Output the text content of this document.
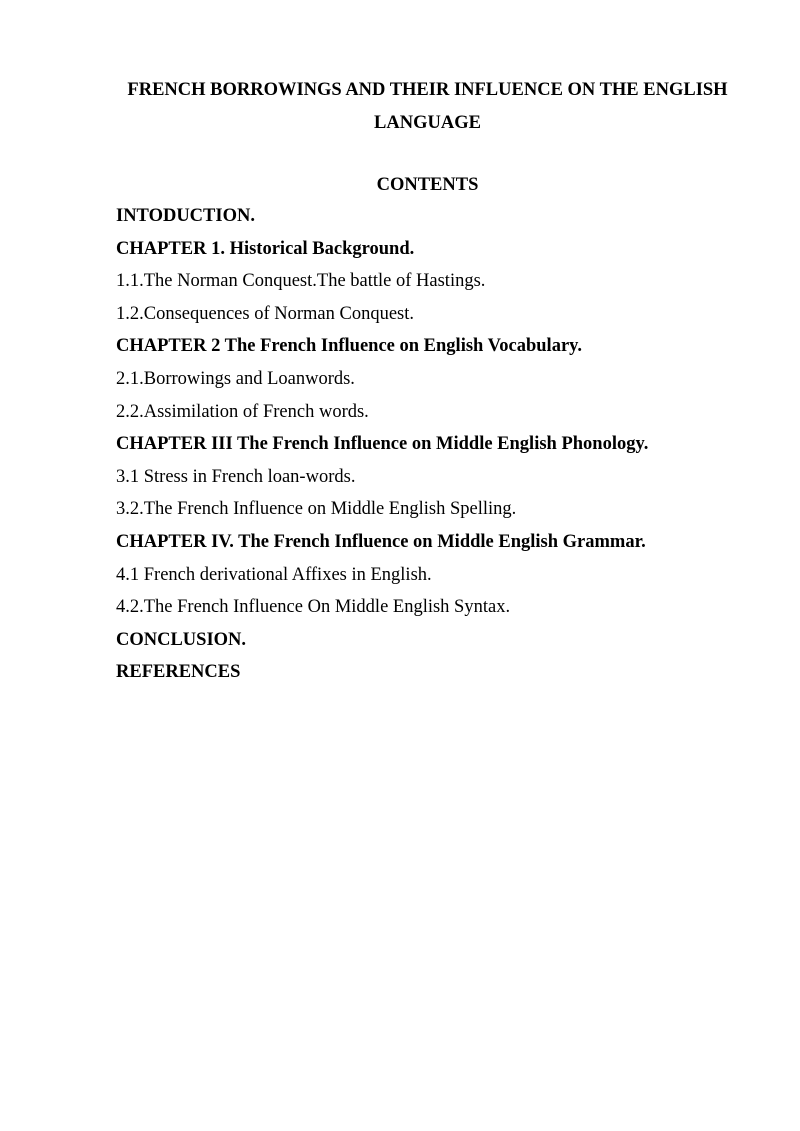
FRENCH BORROWINGS AND THEIR INFLUENCE ON THE ENGLISH LANGUAGE
CONTENTS
INTODUCTION.
CHAPTER 1. Historical Background.
1.1.The Norman Conquest.The battle of Hastings.
1.2.Consequences of Norman Conquest.
CHAPTER 2 The French Influence on English Vocabulary.
2.1.Borrowings and Loanwords.
2.2.Assimilation of French words.
CHAPTER III The French Influence on Middle English Phonology.
3.1 Stress in French loan-words.
3.2.The French Influence on Middle English Spelling.
CHAPTER IV. The French Influence on Middle English Grammar.
4.1 French derivational Affixes in English.
4.2.The French Influence On Middle English Syntax.
CONCLUSION.
REFERENCES
